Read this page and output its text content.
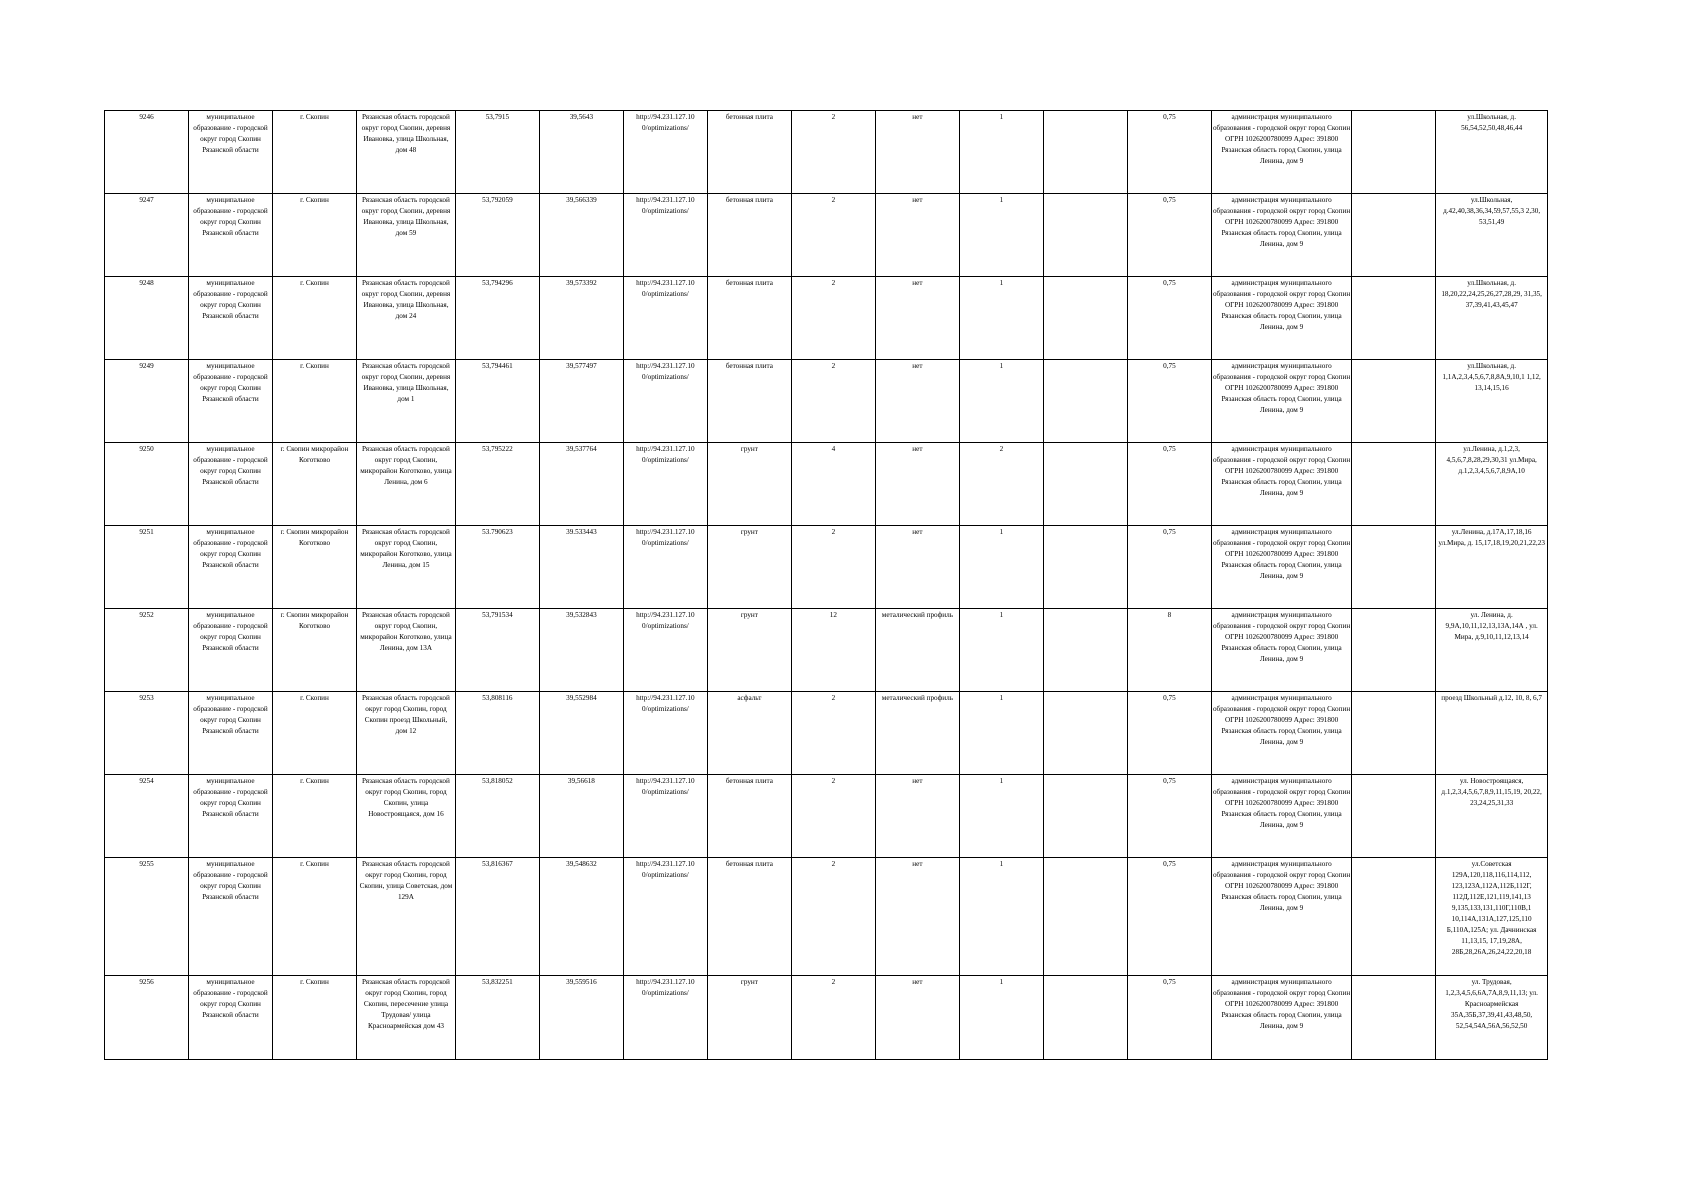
9246	муниципальное образование - городской округ город Скопин Рязанской области	г. Скопин	Рязанская область городской округ город Скопин, деревня Ивановка, улица Школьная, дом 48	53,7915	39,5643	http://94.231.127.10 0/optimizations/	бетонная плита	2	нет	1		0,75	администрация муниципального образования - городской округ город Скопин ОГРН 1026200780099 Адрес: 391800 Рязанская область город Скопин, улица Ленина, дом 9		ул.Школьная, д. 56,54,52,50,48,46,44
9247	муниципальное образование - городской округ город Скопин Рязанской области	г. Скопин	Рязанская область городской округ город Скопин, деревня Ивановка, улица Школьная, дом 59	53,792059	39,566339	http://94.231.127.10 0/optimizations/	бетонная плита	2	нет	1		0,75	администрация муниципального образования - городской округ город Скопин ОГРН 1026200780099 Адрес: 391800 Рязанская область город Скопин, улица Ленина, дом 9		ул.Школьная, д.42,40,38,36,34,59,57,55,3 2,30, 53,51,49
9248	муниципальное образование - городской округ город Скопин Рязанской области	г. Скопин	Рязанская область городской округ город Скопин, деревня Ивановка, улица Школьная, дом 24	53,794296	39,573392	http://94.231.127.10 0/optimizations/	бетонная плита	2	нет	1		0,75	администрация муниципального образования - городской округ город Скопин ОГРН 1026200780099 Адрес: 391800 Рязанская область город Скопин, улица Ленина, дом 9		ул.Школьная, д. 18,20,22,24,25,26,27,28,29, 31,35, 37,39,41,43,45,47
9249	муниципальное образование - городской округ город Скопин Рязанской области	г. Скопин	Рязанская область городской округ город Скопин, деревня Ивановка, улица Школьная, дом 1	53,794461	39,577497	http://94.231.127.10 0/optimizations/	бетонная плита	2	нет	1		0,75	администрация муниципального образования - городской округ город Скопин ОГРН 1026200780099 Адрес: 391800 Рязанская область город Скопин, улица Ленина, дом 9		ул.Школьная, д. 1,1А,2,3,4,5,6,7,8,8А,9,10,1 1,12, 13,14,15,16
9250	муниципальное образование - городской округ город Скопин Рязанской области	г. Скопин микрорайон Коготково	Рязанская область городской округ город Скопин, микрорайон Коготково, улица Ленина, дом 6	53,795222	39,537764	http://94.231.127.10 0/optimizations/	грунт	4	нет	2		0,75	администрация муниципального образования - городской округ город Скопин ОГРН 1026200780099 Адрес: 391800 Рязанская область город Скопин, улица Ленина, дом 9		ул.Ленина, д.1,2,3, 4,5,6,7,8,28,29,30,31 ул.Мира, д.1,2,3,4,5,6,7,8,9А,10
9251	муниципальное образование - городской округ город Скопин Рязанской области	г. Скопин микрорайон Коготково	Рязанская область городской округ город Скопин, микрорайон Коготково, улица Ленина, дом 15	53.790623	39.533443	http://94.231.127.10 0/optimizations/	грунт	2	нет	1		0,75	администрация муниципального образования - городской округ город Скопин ОГРН 1026200780099 Адрес: 391800 Рязанская область город Скопин, улица Ленина, дом 9		ул.Ленина, д.17А,17,18,16 ул.Мира, д. 15,17,18,19,20,21,22,23
9252	муниципальное образование - городской округ город Скопин Рязанской области	г. Скопин микрорайон Коготково	Рязанская область городской округ город Скопин, микрорайон Коготково, улица Ленина, дом 13А	53,791534	39,532843	http://94.231.127.10 0/optimizations/	грунт	12	металический профиль	1		8	администрация муниципального образования - городской округ город Скопин ОГРН 1026200780099 Адрес: 391800 Рязанская область город Скопин, улица Ленина, дом 9		ул. Ленина, д. 9,9А,10,11,12,13,13А,14А , ул. Мира, д.9,10,11,12,13,14
9253	муниципальное образование - городской округ город Скопин Рязанской области	г. Скопин	Рязанская область городской округ город Скопин, город Скопин проезд Школьный, дом 12	53,808116	39,552984	http://94.231.127.10 0/optimizations/	асфальт	2	металический профиль	1		0,75	администрация муниципального образования - городской округ город Скопин ОГРН 1026200780099 Адрес: 391800 Рязанская область город Скопин, улица Ленина, дом 9		проезд Школьный д.12, 10, 8, 6,7
9254	муниципальное образование - городской округ город Скопин Рязанской области	г. Скопин	Рязанская область городской округ город Скопин, город Скопин, улица Новостроящаяся, дом 16	53,818052	39,56618	http://94.231.127.10 0/optimizations/	бетонная плита	2	нет	1		0,75	администрация муниципального образования - городской округ город Скопин ОГРН 1026200780099 Адрес: 391800 Рязанская область город Скопин, улица Ленина, дом 9		ул. Новостроящаяся, д.1,2,3,4,5,6,7,8,9,11,15,19, 20,22, 23,24,25,31,33
9255	муниципальное образование - городской округ город Скопин Рязанской области	г. Скопин	Рязанская область городской округ город Скопин, город Скопин, улица Советская, дом 129А	53,816367	39,548632	http://94.231.127.10 0/optimizations/	бетонная плита	2	нет	1		0,75	администрация муниципального образования - городской округ город Скопин ОГРН 1026200780099 Адрес: 391800 Рязанская область город Скопин, улица Ленина, дом 9		ул.Советская 129А,120,118,116,114,112, 123,123А,112А,112Б,112Г, 112Д,112Е,121,119,141,13 9,135,133,131,110Г,110В,1 10,114А,131А,127,125,110 Б,110А,125А; ул. Дачнинская 11,13,15, 17,19,28А, 28Б,28,26А,26,24,22,20,18
9256	муниципальное образование - городской округ город Скопин Рязанской области	г. Скопин	Рязанская область городской округ город Скопин, город Скопин, пересечение улица Трудовая/ улица Красноармейская дом 43	53,832251	39,559516	http://94.231.127.10 0/optimizations/	грунт	2	нет	1		0,75	администрация муниципального образования - городской округ город Скопин ОГРН 1026200780099 Адрес: 391800 Рязанская область город Скопин, улица Ленина, дом 9		ул. Трудовая, 1,2,3,4,5,6,6А,7А,8,9,11,13; ул. Красноармейская 35А,35Б,37,39,41,43,48,50, 52,54,54А,56А,56,52,50
